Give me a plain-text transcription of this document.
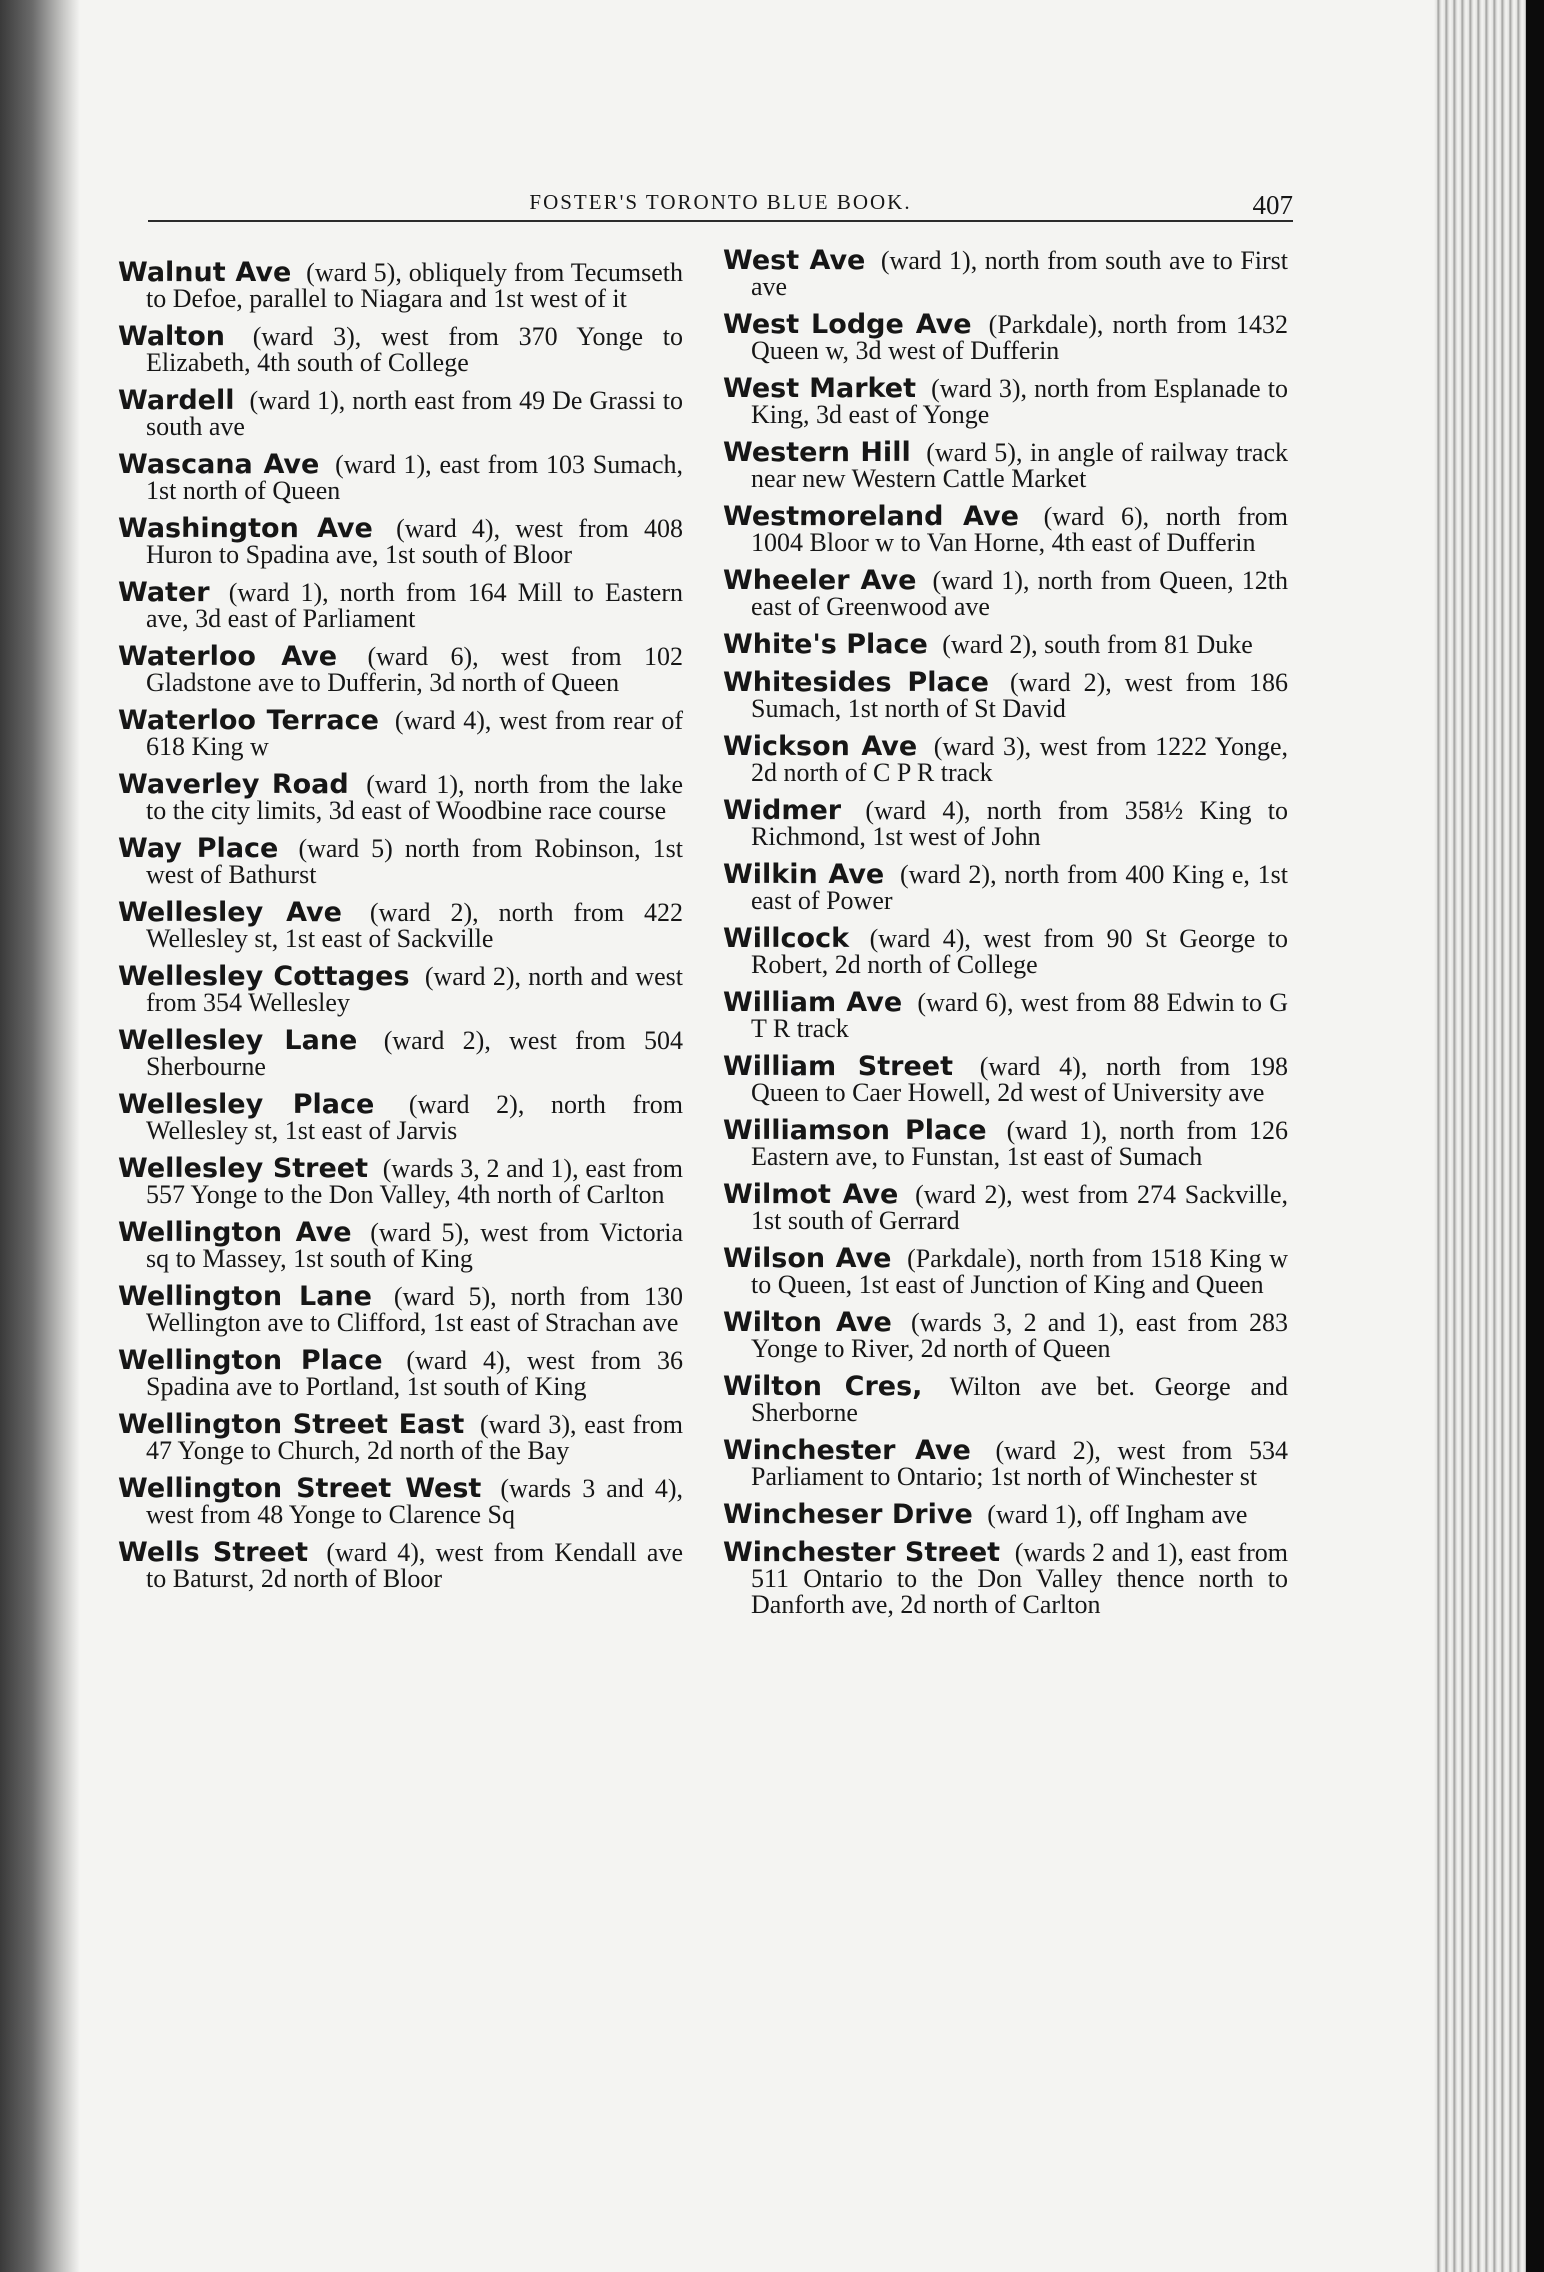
FOSTER'S TORONTO BLUE BOOK.	407
Walnut Ave (ward 5), obliquely from Tecumseth to Defoe, parallel to Niagara and 1st west of it
Walton (ward 3), west from 370 Yonge to Elizabeth, 4th south of College
Wardell (ward 1), north east from 49 De Grassi to south ave
Wascana Ave (ward 1), east from 103 Sumach, 1st north of Queen
Washington Ave (ward 4), west from 408 Huron to Spadina ave, 1st south of Bloor
Water (ward 1), north from 164 Mill to Eastern ave, 3d east of Parliament
Waterloo Ave (ward 6), west from 102 Gladstone ave to Dufferin, 3d north of Queen
Waterloo Terrace (ward 4), west from rear of 618 King w
Waverley Road (ward 1), north from the lake to the city limits, 3d east of Woodbine race course
Way Place (ward 5) north from Robinson, 1st west of Bathurst
Wellesley Ave (ward 2), north from 422 Wellesley st, 1st east of Sackville
Wellesley Cottages (ward 2), north and west from 354 Wellesley
Wellesley Lane (ward 2), west from 504 Sherbourne
Wellesley Place (ward 2), north from Wellesley st, 1st east of Jarvis
Wellesley Street (wards 3, 2 and 1), east from 557 Yonge to the Don Valley, 4th north of Carlton
Wellington Ave (ward 5), west from Victoria sq to Massey, 1st south of King
Wellington Lane (ward 5), north from 130 Wellington ave to Clifford, 1st east of Strachan ave
Wellington Place (ward 4), west from 36 Spadina ave to Portland, 1st south of King
Wellington Street East (ward 3), east from 47 Yonge to Church, 2d north of the Bay
Wellington Street West (wards 3 and 4), west from 48 Yonge to Clarence Sq
Wells Street (ward 4), west from Kendall ave to Baturst, 2d north of Bloor
West Ave (ward 1), north from south ave to First ave
West Lodge Ave (Parkdale), north from 1432 Queen w, 3d west of Dufferin
West Market (ward 3), north from Esplanade to King, 3d east of Yonge
Western Hill (ward 5), in angle of railway track near new Western Cattle Market
Westmoreland Ave (ward 6), north from 1004 Bloor w to Van Horne, 4th east of Dufferin
Wheeler Ave (ward 1), north from Queen, 12th east of Greenwood ave
White's Place (ward 2), south from 81 Duke
Whitesides Place (ward 2), west from 186 Sumach, 1st north of St David
Wickson Ave (ward 3), west from 1222 Yonge, 2d north of C P R track
Widmer (ward 4), north from 358½ King to Richmond, 1st west of John
Wilkin Ave (ward 2), north from 400 King e, 1st east of Power
Willcock (ward 4), west from 90 St George to Robert, 2d north of College
William Ave (ward 6), west from 88 Edwin to G T R track
William Street (ward 4), north from 198 Queen to Caer Howell, 2d west of University ave
Williamson Place (ward 1), north from 126 Eastern ave, to Funstan, 1st east of Sumach
Wilmot Ave (ward 2), west from 274 Sackville, 1st south of Gerrard
Wilson Ave (Parkdale), north from 1518 King w to Queen, 1st east of Junction of King and Queen
Wilton Ave (wards 3, 2 and 1), east from 283 Yonge to River, 2d north of Queen
Wilton Cres, Wilton ave bet. George and Sherborne
Winchester Ave (ward 2), west from 534 Parliament to Ontario; 1st north of Winchester st
Wincheser Drive (ward 1), off Ingham ave
Winchester Street (wards 2 and 1), east from 511 Ontario to the Don Valley thence north to Danforth ave, 2d north of Carlton
